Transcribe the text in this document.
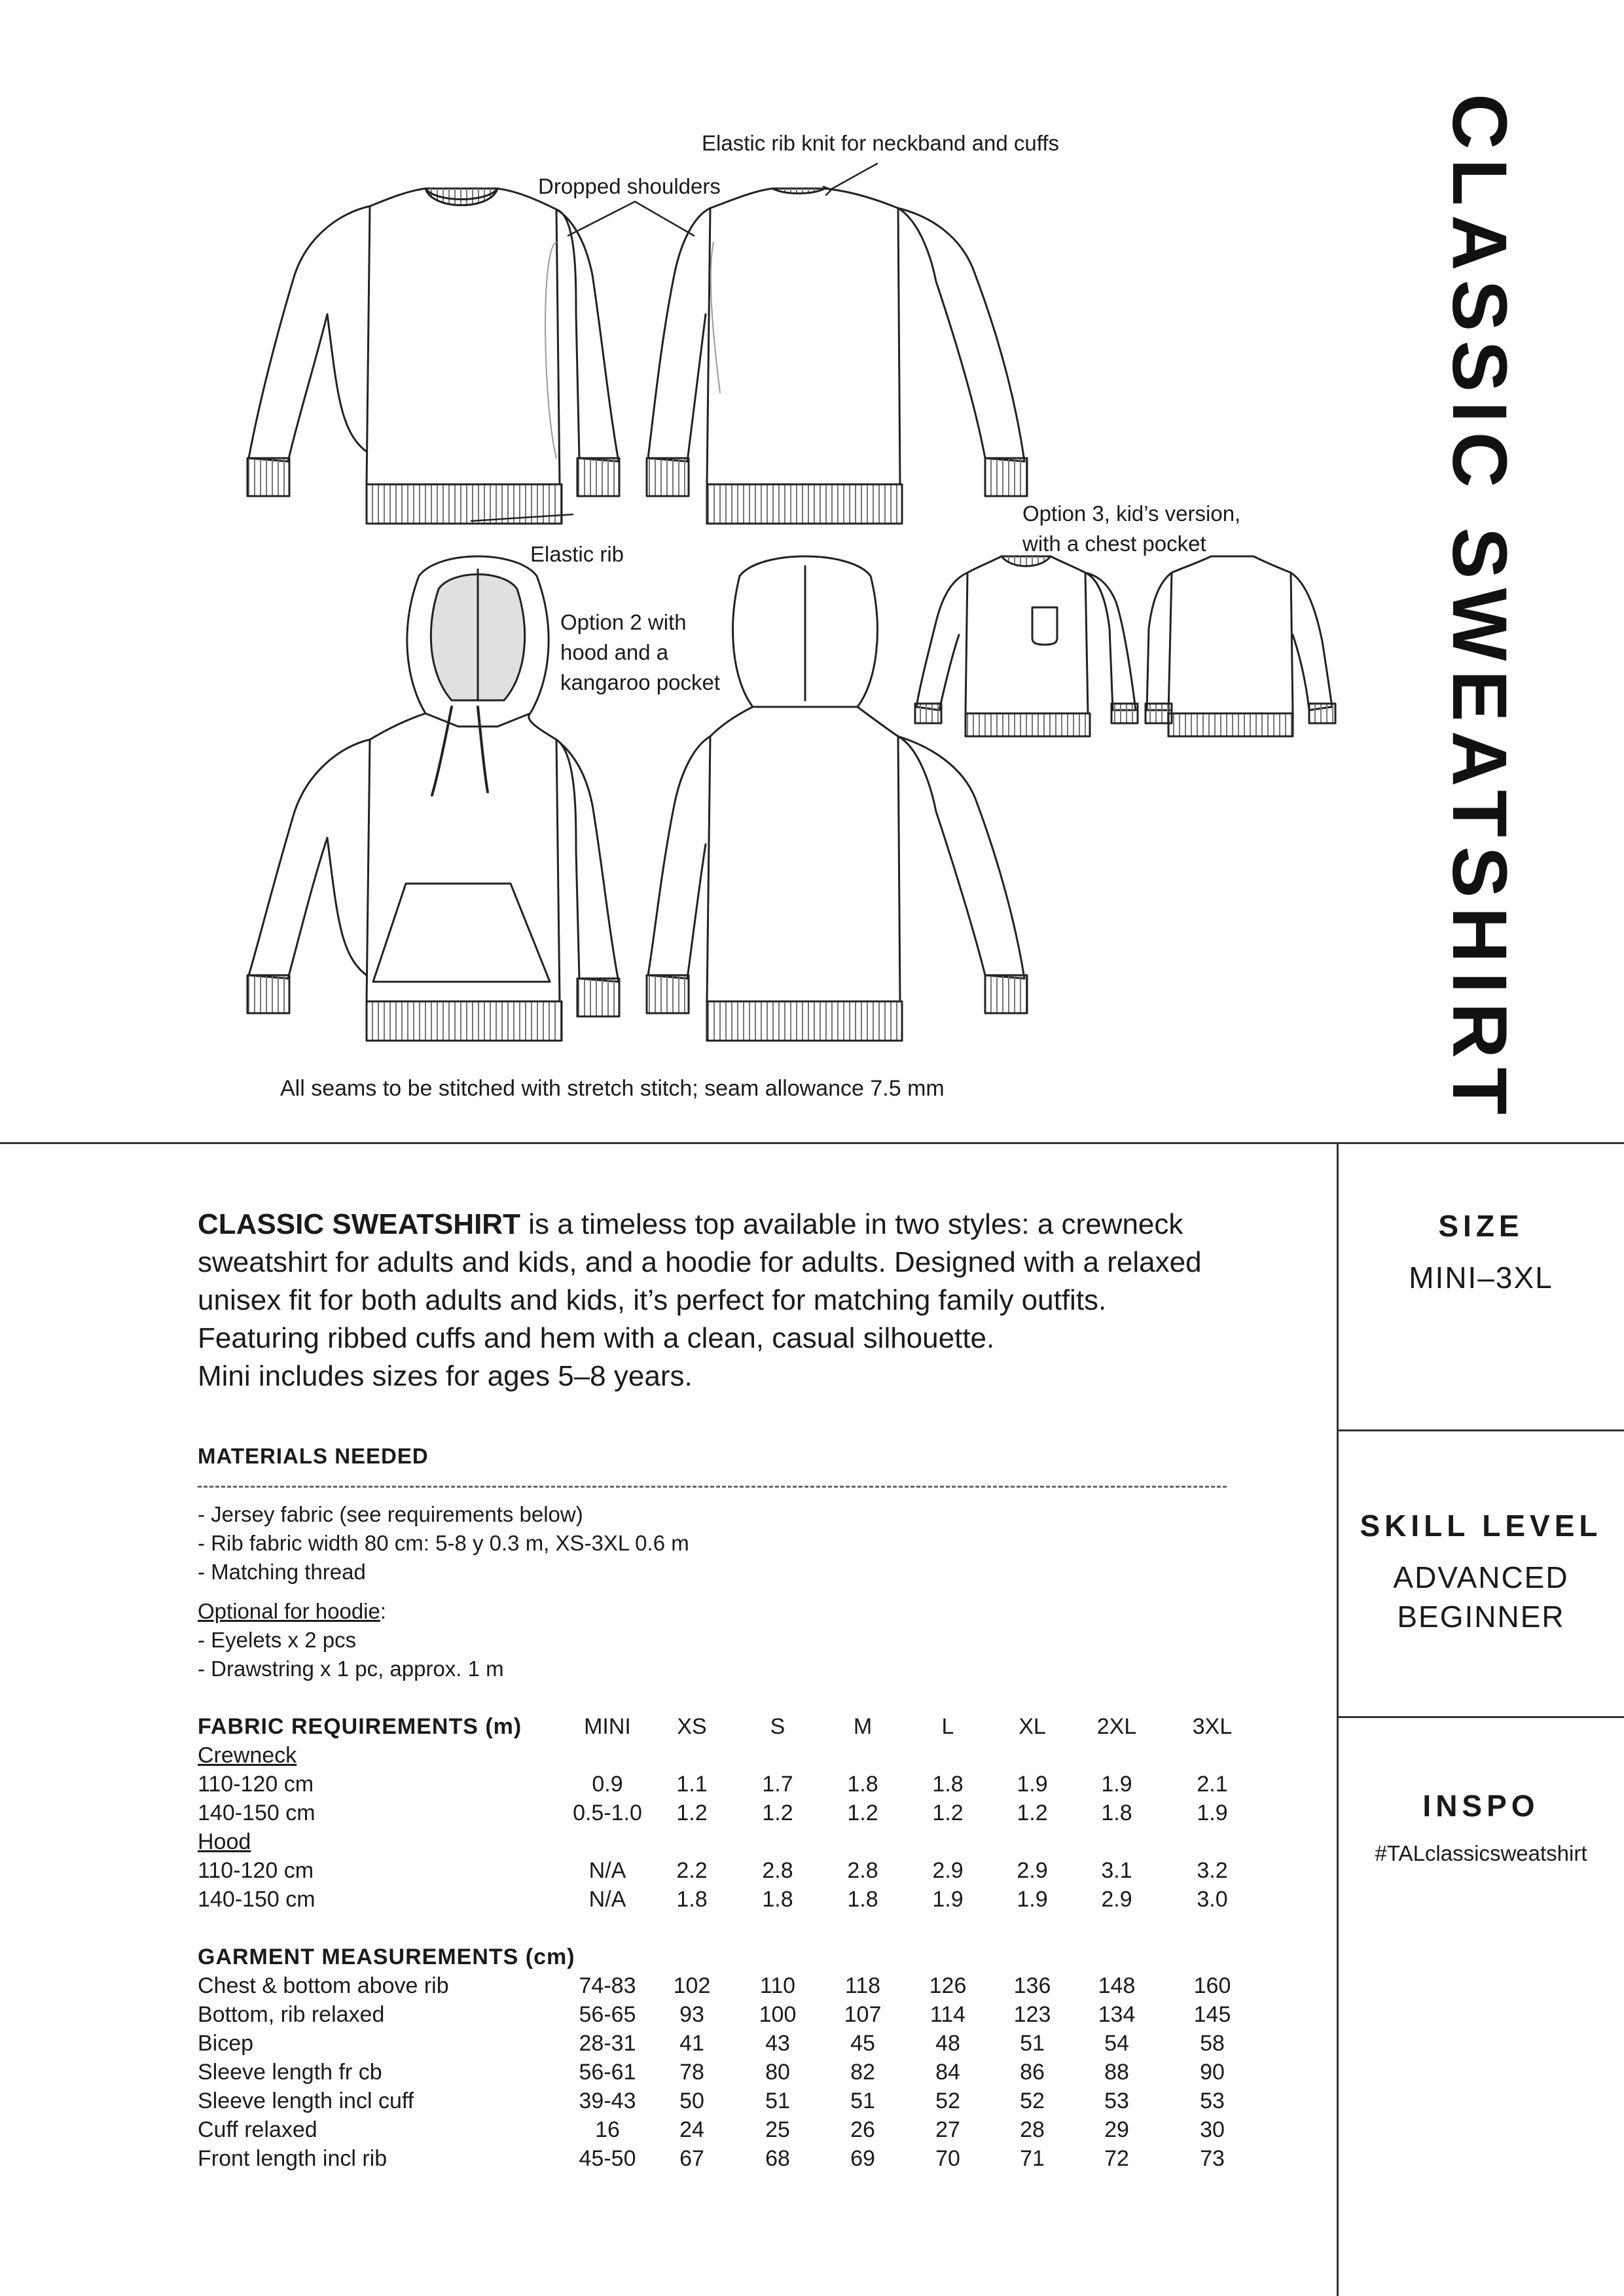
Elastic rib knit for neckband and cuffs
Dropped shoulders
Elastic rib
Option 3, kid’s version,
with a chest pocket
Option 2 with
hood and a
kangaroo pocket
All seams to be stitched with stretch stitch; seam allowance 7.5 mm	CLASSIC SWEATSHIRT

CLASSIC SWEATSHIRT is a timeless top available in two styles: a crewneck

sweatshirt for adults and kids, and a hoodie for adults. Designed with a relaxed

unisex fit for both adults and kids, it’s perfect for matching family outfits.

Featuring ribbed cuffs and hem with a clean, casual silhouette.

Mini includes sizes for ages 5–8 years.

MATERIALS NEEDED
- Jersey fabric (see requirements below)
- Rib fabric width 80 cm: 5-8 y 0.3 m, XS-3XL 0.6 m
- Matching thread
Optional for hoodie:
- Eyelets x 2 pcs
- Drawstring x 1 pc, approx. 1 m
FABRIC REQUIREMENTS (m)	MINI	XS	S	M	L	XL	2XL	3XL
Crewneck
110-120 cm	0.9	1.1	1.7	1.8	1.8	1.9	1.9	2.1
140-150 cm	0.5-1.0	1.2	1.2	1.2	1.2	1.2	1.8	1.9
Hood
110-120 cm	N/A	2.2	2.8	2.8	2.9	2.9	3.1	3.2
140-150 cm	N/A	1.8	1.8	1.8	1.9	1.9	2.9	3.0
GARMENT MEASUREMENTS (cm)
Chest & bottom above rib	74-83	102	110	118	126	136	148	160
Bottom, rib relaxed	56-65	93	100	107	114	123	134	145
Bicep	28-31	41	43	45	48	51	54	58
Sleeve length fr cb	56-61	78	80	82	84	86	88	90
Sleeve length incl cuff	39-43	50	51	51	52	52	53	53
Cuff relaxed	16	24	25	26	27	28	29	30
Front length incl rib	45-50	67	68	69	70	71	72	73
SIZE
MINI–3XL
SKILL LEVEL
ADVANCED
BEGINNER
INSPO
#TALclassicsweatshirt
